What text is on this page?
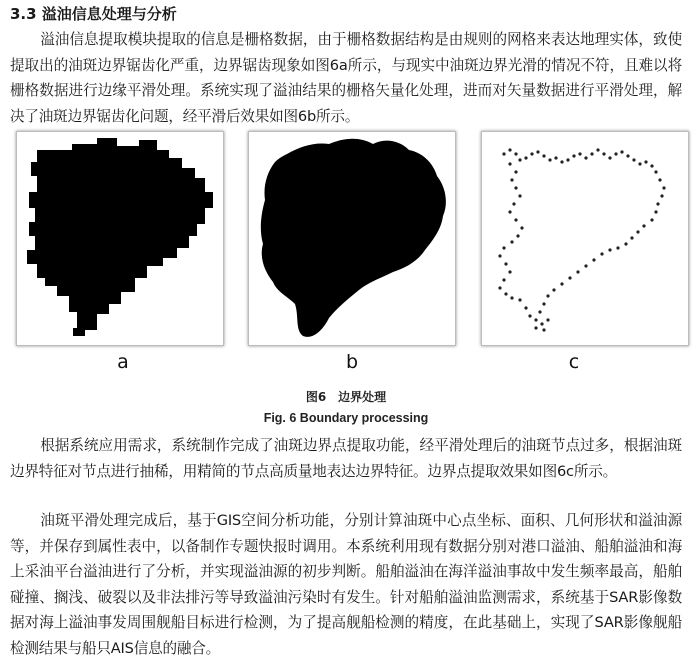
3.3 溢油信息处理与分析
溢油信息提取模块提取的信息是栅格数据，由于栅格数据结构是由规则的网格来表达地理实体，致使提取出的油斑边界锯齿化严重，边界锯齿现象如图6a所示，与现实中油斑边界光滑的情况不符，且难以将栅格数据进行边缘平滑处理。系统实现了溢油结果的栅格矢量化处理，进而对矢量数据进行平滑处理，解决了油斑边界锯齿化问题，经平滑后效果如图6b所示。
a	b	c
图6　边界处理
Fig. 6 Boundary processing
根据系统应用需求，系统制作完成了油斑边界点提取功能，经平滑处理后的油斑节点过多，根据油斑边界特征对节点进行抽稀，用精简的节点高质量地表达边界特征。边界点提取效果如图6c所示。
油斑平滑处理完成后，基于GIS空间分析功能，分别计算油斑中心点坐标、面积、几何形状和溢油源等，并保存到属性表中，以备制作专题快报时调用。本系统利用现有数据分别对港口溢油、船舶溢油和海上采油平台溢油进行了分析，并实现溢油源的初步判断。船舶溢油在海洋溢油事故中发生频率最高，船舶碰撞、搁浅、破裂以及非法排污等导致溢油污染时有发生。针对船舶溢油监测需求，系统基于SAR影像数据对海上溢油事发周围舰船目标进行检测，为了提高舰船检测的精度，在此基础上，实现了SAR影像舰船检测结果与船只AIS信息的融合。
